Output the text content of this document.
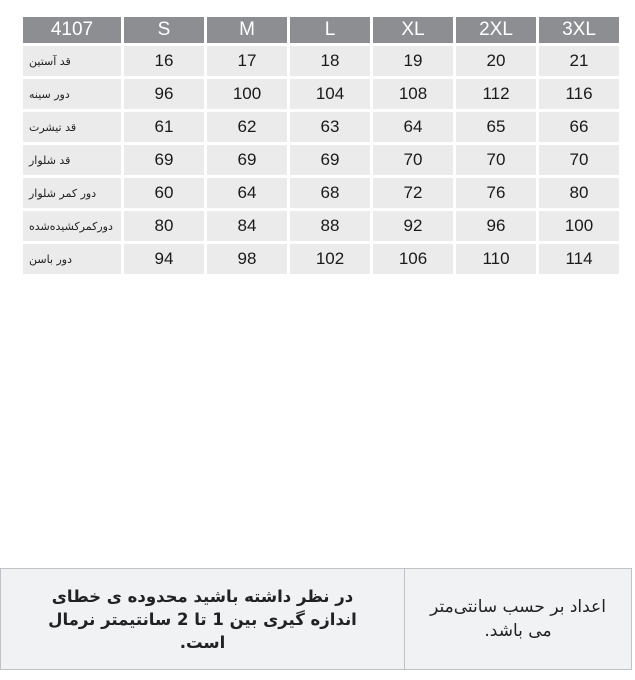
4107	S	M	L	XL	2XL	3XL
قد آستین	16	17	18	19	20	21
دور سینه	96	100	104	108	112	116
قد تیشرت	61	62	63	64	65	66
قد شلوار	69	69	69	70	70	70
دور کمر شلوار	60	64	68	72	76	80
دورکمرکشیده‌شده	80	84	88	92	96	100
دور باسن	94	98	102	106	110	114
در نظر داشته باشید محدوده ی خطای اندازه گیری بین 1 تا 2 سانتیمتر نرمال است.
اعداد بر حسب سانتی‌متر می باشد.
